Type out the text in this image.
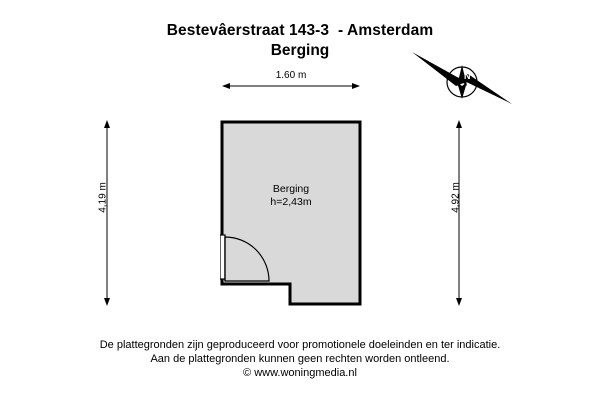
Bestevâerstraat 143-3  - Amsterdam
Berging
1.60 m
4,19 m	4,92 m
N
Berging
h=2,43m
De plattegronden zijn geproduceerd voor promotionele doeleinden en ter indicatie.
Aan de plattegronden kunnen geen rechten worden ontleend.
© www.woningmedia.nl
